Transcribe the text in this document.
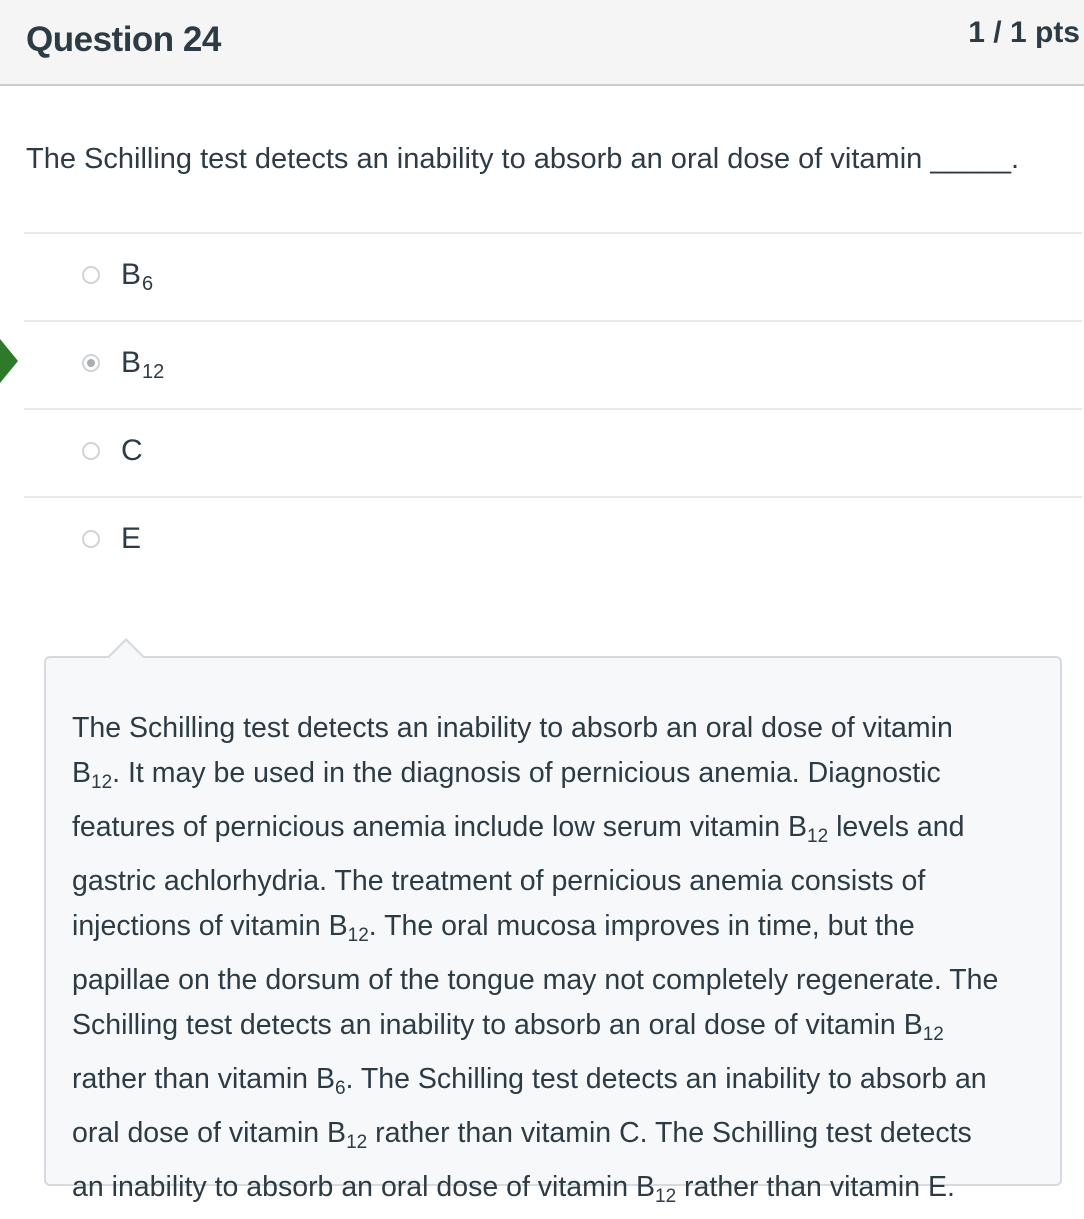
Question 24	1 / 1 pts
The Schilling test detects an inability to absorb an oral dose of vitamin _____.
$B_6$
$B_{12}$
C
E
The Schilling test detects an inability to absorb an oral dose of vitamin
$B_{12}$. It may be used in the diagnosis of pernicious anemia. Diagnostic
features of pernicious anemia include low serum vitamin $B_{12}$ levels and
gastric achlorhydria. The treatment of pernicious anemia consists of
injections of vitamin $B_{12}$. The oral mucosa improves in time, but the
papillae on the dorsum of the tongue may not completely regenerate. The
Schilling test detects an inability to absorb an oral dose of vitamin $B_{12}$
rather than vitamin $B_6$. The Schilling test detects an inability to absorb an
oral dose of vitamin $B_{12}$ rather than vitamin C. The Schilling test detects
an inability to absorb an oral dose of vitamin $B_{12}$ rather than vitamin E.
